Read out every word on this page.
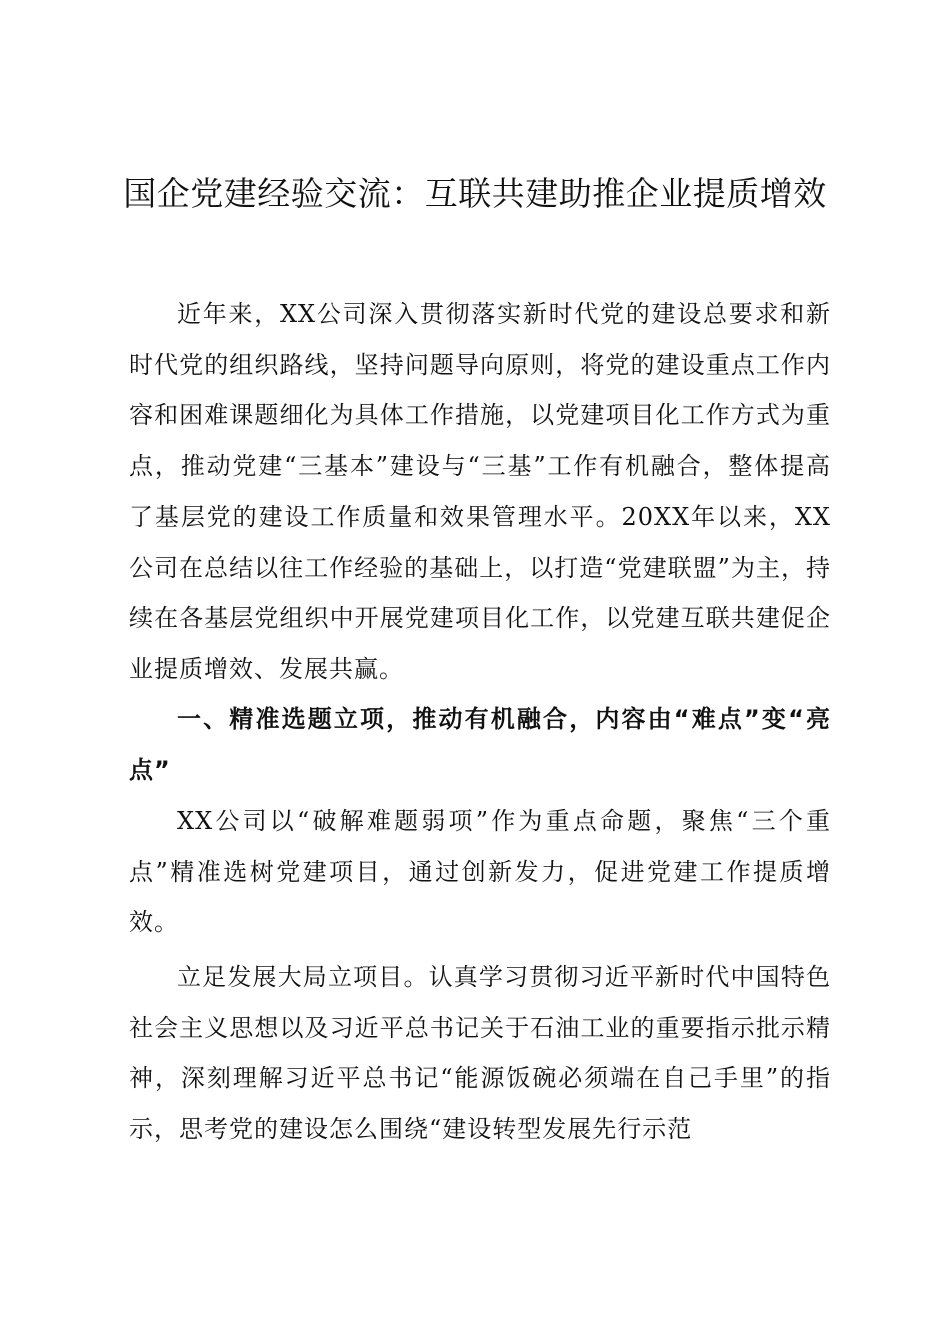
国企党建经验交流：互联共建助推企业提质增效

近年来，XX公司深入贯彻落实新时代党的建设总要求和新时代党的组织路线，坚持问题导向原则，将党的建设重点工作内容和困难课题细化为具体工作措施，以党建项目化工作方式为重点，推动党建“三基本”建设与“三基”工作有机融合，整体提高了基层党的建设工作质量和效果管理水平。20XX年以来，XX公司在总结以往工作经验的基础上，以打造“党建联盟”为主，持续在各基层党组织中开展党建项目化工作，以党建互联共建促企业提质增效、发展共赢。

一、精准选题立项，推动有机融合，内容由“难点”变“亮点”

XX公司以“破解难题弱项”作为重点命题，聚焦“三个重点”精准选树党建项目，通过创新发力，促进党建工作提质增效。

立足发展大局立项目。认真学习贯彻习近平新时代中国特色社会主义思想以及习近平总书记关于石油工业的重要指示批示精神，深刻理解习近平总书记“能源饭碗必须端在自己手里”的指示，思考党的建设怎么围绕“建设转型发展先行示范
